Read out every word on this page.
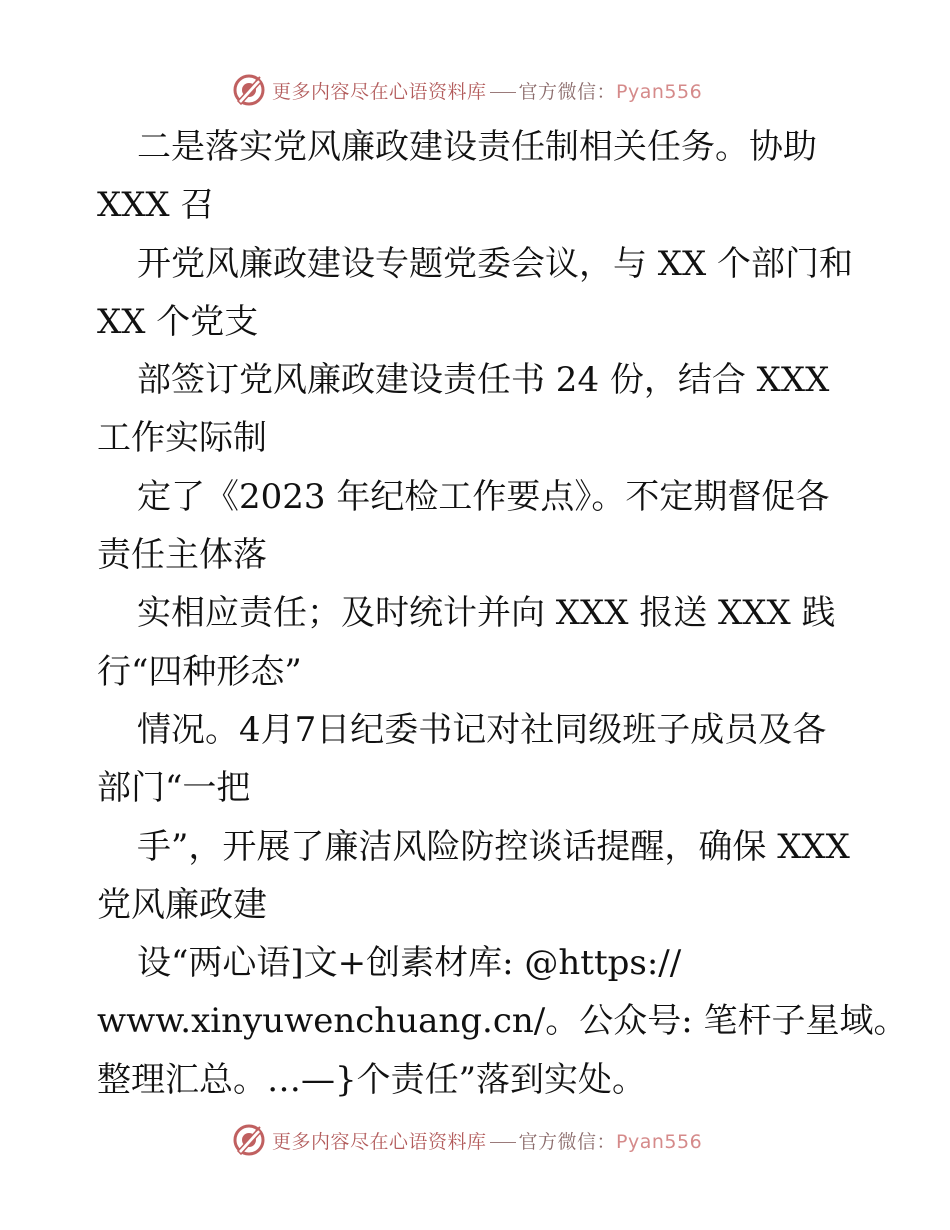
更多内容尽在心语资料库 官方微信：Pyan556
二是落实党风廉政建设责任制相关任务。协助
XXX 召
开党风廉政建设专题党委会议，与 XX 个部门和
XX 个党支
部签订党风廉政建设责任书 24 份，结合 XXX
工作实际制
定了《2023 年纪检工作要点》。不定期督促各
责任主体落
实相应责任；及时统计并向 XXX 报送 XXX 践
行“四种形态”
情况。4月7日纪委书记对社同级班子成员及各
部门“一把
手”，开展了廉洁风险防控谈话提醒，确保 XXX
党风廉政建
设“两心语]文+创素材库: @https://
www.xinyuwenchuang.cn/。公众号: 笔杆子星域。
整理汇总。…—}个责任”落到实处。
更多内容尽在心语资料库 官方微信：Pyan556
